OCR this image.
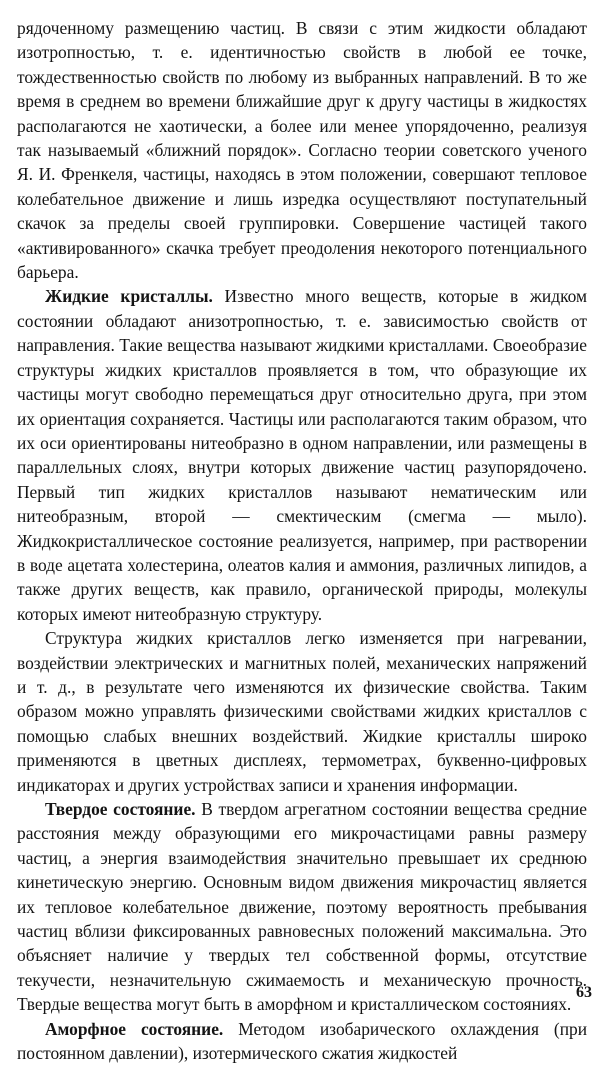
рядоченному размещению частиц. В связи с этим жидкости обладают изотропностью, т. е. идентичностью свойств в любой ее точке, тождественностью свойств по любому из выбранных направлений. В то же время в среднем во времени ближайшие друг к другу частицы в жидкостях располагаются не хаотически, а более или менее упорядоченно, реализуя так называемый «ближний порядок». Согласно теории советского ученого Я. И. Френкеля, частицы, находясь в этом положении, совершают тепловое колебательное движение и лишь изредка осуществляют поступательный скачок за пределы своей группировки. Совершение частицей такого «активированного» скачка требует преодоления некоторого потенциального барьера.

Жидкие кристаллы. Известно много веществ, которые в жидком состоянии обладают анизотропностью, т. е. зависимостью свойств от направления. Такие вещества называют жидкими кристаллами. Своеобразие структуры жидких кристаллов проявляется в том, что образующие их частицы могут свободно перемещаться друг относительно друга, при этом их ориентация сохраняется. Частицы или располагаются таким образом, что их оси ориентированы нитеобразно в одном направлении, или размещены в параллельных слоях, внутри которых движение частиц разупорядочено. Первый тип жидких кристаллов называют нематическим или нитеобразным, второй — смектическим (смегма — мыло). Жидкокристаллическое состояние реализуется, например, при растворении в воде ацетата холестерина, олеатов калия и аммония, различных липидов, а также других веществ, как правило, органической природы, молекулы которых имеют нитеобразную структуру.

Структура жидких кристаллов легко изменяется при нагревании, воздействии электрических и магнитных полей, механических напряжений и т. д., в результате чего изменяются их физические свойства. Таким образом можно управлять физическими свойствами жидких кристаллов с помощью слабых внешних воздействий. Жидкие кристаллы широко применяются в цветных дисплеях, термометрах, буквенно-цифровых индикаторах и других устройствах записи и хранения информации.

Твердое состояние. В твердом агрегатном состоянии вещества средние расстояния между образующими его микрочастицами равны размеру частиц, а энергия взаимодействия значительно превышает их среднюю кинетическую энергию. Основным видом движения микрочастиц является их тепловое колебательное движение, поэтому вероятность пребывания частиц вблизи фиксированных равновесных положений максимальна. Это объясняет наличие у твердых тел собственной формы, отсутствие текучести, незначительную сжимаемость и механическую прочность. Твердые вещества могут быть в аморфном и кристаллическом состояниях.

Аморфное состояние. Методом изобарического охлаждения (при постоянном давлении), изотермического сжатия жидкостей

63
